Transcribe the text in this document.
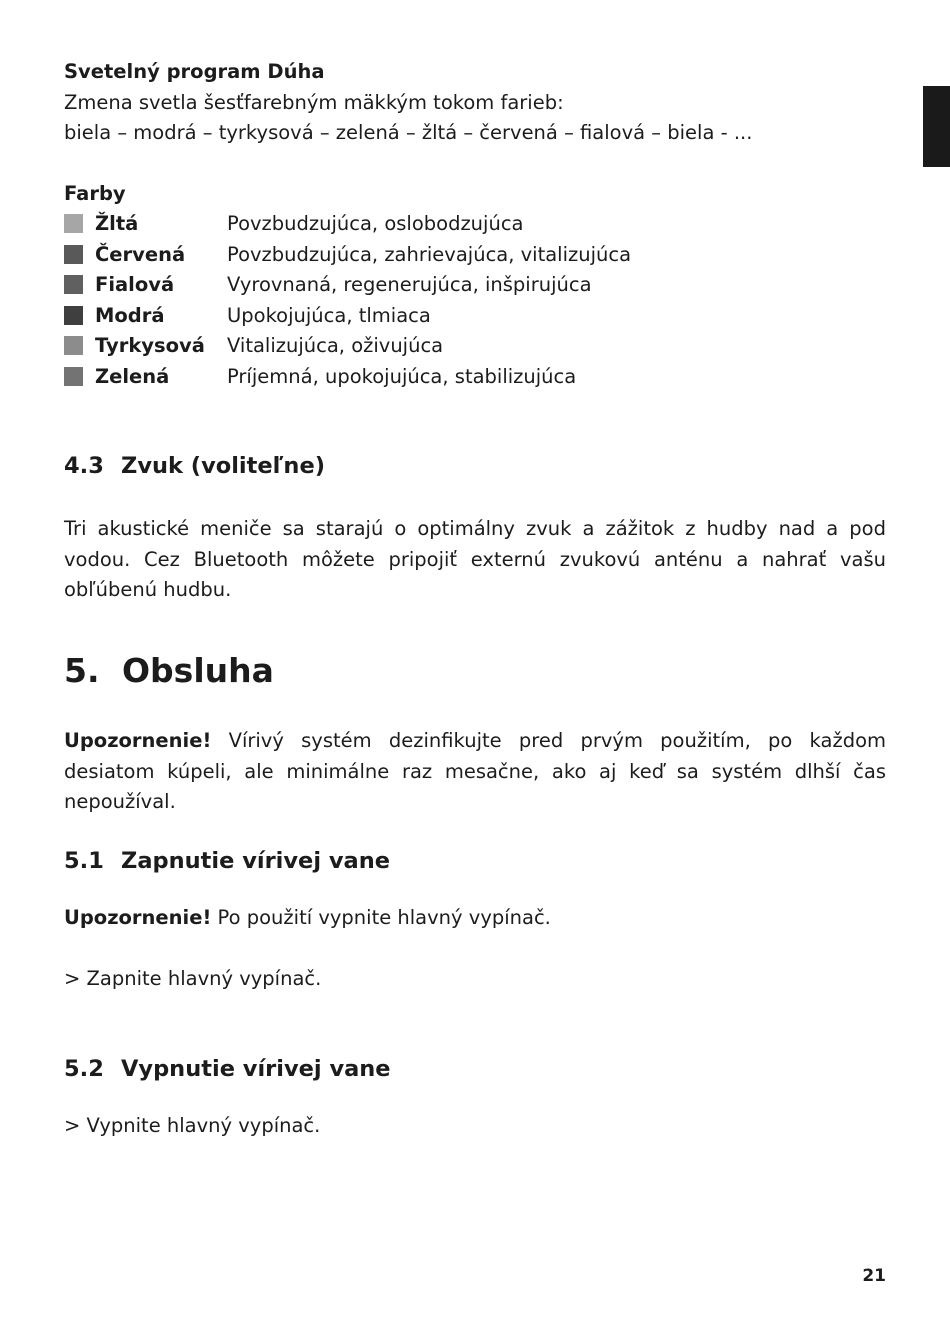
Svetelný program Dúha
Zmena svetla šesťfarebným mäkkým tokom farieb:
biela – modrá – tyrkysová – zelená – žltá – červená – fialová – biela - ...
Farby
Žltá	Povzbudzujúca, oslobodzujúca
Červená Povzbudzujúca, zahrievajúca, vitalizujúca
Fialová	Vyrovnaná, regenerujúca, inšpirujúca
Modrá	Upokojujúca, tlmiaca
Tyrkysová Vitalizujúca, oživujúca
Zelená	Príjemná, upokojujúca, stabilizujúca
4.3 Zvuk (voliteľne)
Tri akustické meniče sa starajú o optimálny zvuk a zážitok z hudby nad a pod vodou. Cez Bluetooth môžete pripojiť externú zvukovú anténu a nahrať vašu obľúbenú hudbu.
5. Obsluha
Upozornenie! Vírivý systém dezinfikujte pred prvým použitím, po každom desiatom kúpeli, ale minimálne raz mesačne, ako aj keď sa systém dlhší čas nepoužíval.
5.1 Zapnutie vírivej vane
Upozornenie! Po použití vypnite hlavný vypínač.
> Zapnite hlavný vypínač.
5.2 Vypnutie vírivej vane
> Vypnite hlavný vypínač.
21
